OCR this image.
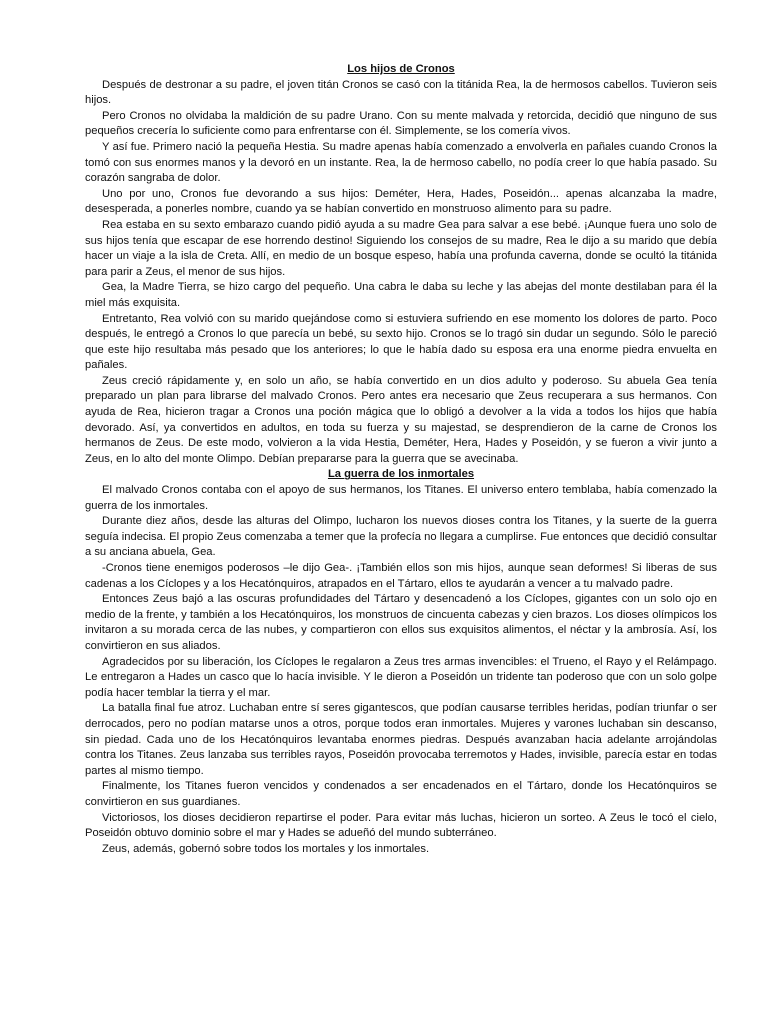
Los hijos de Cronos

Después de destronar a su padre, el joven titán Cronos se casó con la titánida Rea, la de hermosos cabellos. Tuvieron seis hijos.

Pero Cronos no olvidaba la maldición de su padre Urano. Con su mente malvada y retorcida, decidió que ninguno de sus pequeños crecería lo suficiente como para enfrentarse con él. Simplemente, se los comería vivos.

Y así fue. Primero nació la pequeña Hestia. Su madre apenas había comenzado a envolverla en pañales cuando Cronos la tomó con sus enormes manos y la devoró en un instante. Rea, la de hermoso cabello, no podía creer lo que había pasado. Su corazón sangraba de dolor.

Uno por uno, Cronos fue devorando a sus hijos: Deméter, Hera, Hades, Poseidón... apenas alcanzaba la madre, desesperada, a ponerles nombre, cuando ya se habían convertido en monstruoso alimento para su padre.

Rea estaba en su sexto embarazo cuando pidió ayuda a su madre Gea para salvar a ese bebé. ¡Aunque fuera uno solo de sus hijos tenía que escapar de ese horrendo destino! Siguiendo los consejos de su madre, Rea le dijo a su marido que debía hacer un viaje a la isla de Creta. Allí, en medio de un bosque espeso, había una profunda caverna, donde se ocultó la titánida para parir a Zeus, el menor de sus hijos.

Gea, la Madre Tierra, se hizo cargo del pequeño. Una cabra le daba su leche y las abejas del monte destilaban para él la miel más exquisita.

Entretanto, Rea volvió con su marido quejándose como si estuviera sufriendo en ese momento los dolores de parto. Poco después, le entregó a Cronos lo que parecía un bebé, su sexto hijo. Cronos se lo tragó sin dudar un segundo. Sólo le pareció que este hijo resultaba más pesado que los anteriores; lo que le había dado su esposa era una enorme piedra envuelta en pañales.

Zeus creció rápidamente y, en solo un año, se había convertido en un dios adulto y poderoso. Su abuela Gea tenía preparado un plan para librarse del malvado Cronos. Pero antes era necesario que Zeus recuperara a sus hermanos. Con ayuda de Rea, hicieron tragar a Cronos una poción mágica que lo obligó a devolver a la vida a todos los hijos que había devorado. Así, ya convertidos en adultos, en toda su fuerza y su majestad, se desprendieron de la carne de Cronos los hermanos de Zeus. De este modo, volvieron a la vida Hestia, Deméter, Hera, Hades y Poseidón, y se fueron a vivir junto a Zeus, en lo alto del monte Olimpo. Debían prepararse para la guerra que se avecinaba.

La guerra de los inmortales

El malvado Cronos contaba con el apoyo de sus hermanos, los Titanes. El universo entero temblaba, había comenzado la guerra de los inmortales.

Durante diez años, desde las alturas del Olimpo, lucharon los nuevos dioses contra los Titanes, y la suerte de la guerra seguía indecisa. El propio Zeus comenzaba a temer que la profecía no llegara a cumplirse. Fue entonces que decidió consultar a su anciana abuela, Gea.

-Cronos tiene enemigos poderosos –le dijo Gea-. ¡También ellos son mis hijos, aunque sean deformes! Si liberas de sus cadenas a los Cíclopes y a los Hecatónquiros, atrapados en el Tártaro, ellos te ayudarán a vencer a tu malvado padre.

Entonces Zeus bajó a las oscuras profundidades del Tártaro y desencadenó a los Cíclopes, gigantes con un solo ojo en medio de la frente, y también a los Hecatónquiros, los monstruos de cincuenta cabezas y cien brazos. Los dioses olímpicos los invitaron a su morada cerca de las nubes, y compartieron con ellos sus exquisitos alimentos, el néctar y la ambrosía. Así, los convirtieron en sus aliados.

Agradecidos por su liberación, los Cíclopes le regalaron a Zeus tres armas invencibles: el Trueno, el Rayo y el Relámpago. Le entregaron a Hades un casco que lo hacía invisible. Y le dieron a Poseidón un tridente tan poderoso que con un solo golpe podía hacer temblar la tierra y el mar.

La batalla final fue atroz. Luchaban entre sí seres gigantescos, que podían causarse terribles heridas, podían triunfar o ser derrocados, pero no podían matarse unos a otros, porque todos eran inmortales. Mujeres y varones luchaban sin descanso, sin piedad. Cada uno de los Hecatónquiros levantaba enormes piedras. Después avanzaban hacia adelante arrojándolas contra los Titanes. Zeus lanzaba sus terribles rayos, Poseidón provocaba terremotos y Hades, invisible, parecía estar en todas partes al mismo tiempo.

Finalmente, los Titanes fueron vencidos y condenados a ser encadenados en el Tártaro, donde los Hecatónquiros se convirtieron en sus guardianes.

Victoriosos, los dioses decidieron repartirse el poder. Para evitar más luchas, hicieron un sorteo. A Zeus le tocó el cielo, Poseidón obtuvo dominio sobre el mar y Hades se adueñó del mundo subterráneo.

Zeus, además, gobernó sobre todos los mortales y los inmortales.
